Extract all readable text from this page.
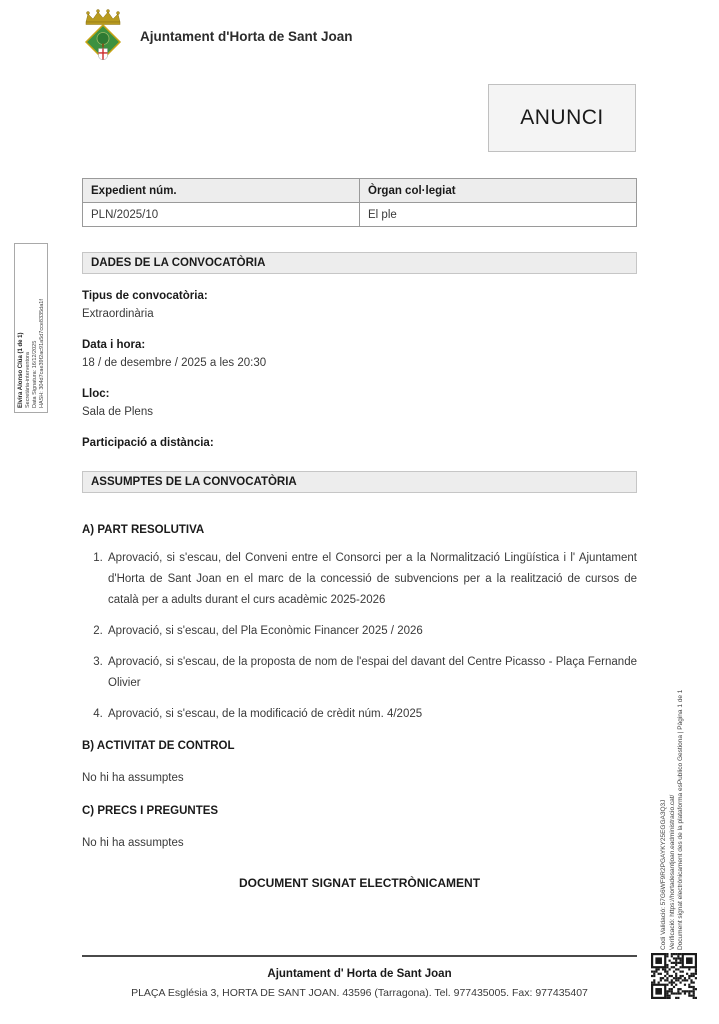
Ajuntament d'Horta de Sant Joan
Elvira Alonso Clúa (1 de 1) Secretària-interventora Data Signatura: 16/12/2025 HASH: 304d7cae39f2ac91a5d7cce8335da1f
ANUNCI
Expedient núm.	Òrgan col·legiat
PLN/2025/10	El ple
DADES DE LA CONVOCATÒRIA
Tipus de convocatòria:
Extraordinària
Data i hora:
18 / de desembre / 2025 a les 20:30
Lloc:
Sala de Plens
Participació a distància:
ASSUMPTES DE LA CONVOCATÒRIA
A) PART RESOLUTIVA
1. Aprovació, si s'escau, del Conveni entre el Consorci per a la Normalització Lingüística i l' Ajuntament d'Horta de Sant Joan en el marc de la concessió de subvencions per a la realització de cursos de català per a adults durant el curs acadèmic 2025-2026
2. Aprovació, si s'escau, del Pla Econòmic Financer 2025 / 2026
3. Aprovació, si s'escau, de la proposta de nom de l'espai del davant del Centre Picasso - Plaça Fernande Olivier
4. Aprovació, si s'escau, de la modificació de crèdit núm. 4/2025
B) ACTIVITAT DE CONTROL
No hi ha assumptes
C) PRECS I PREGUNTES
No hi ha assumptes
DOCUMENT SIGNAT ELECTRÒNICAMENT
Ajuntament d' Horta de Sant Joan
PLAÇA Església 3, HORTA DE SANT JOAN. 43596 (Tarragona). Tel. 977435005. Fax: 977435407
Codi Validació: 57G6WF9R2PGAYKY25EGGA3Q3J Verificació: https://hortadesantjoan.eadministracio.cat/ Document signat electrònicament des de la plataforma esPublico Gestiona | Pàgina 1 de 1
